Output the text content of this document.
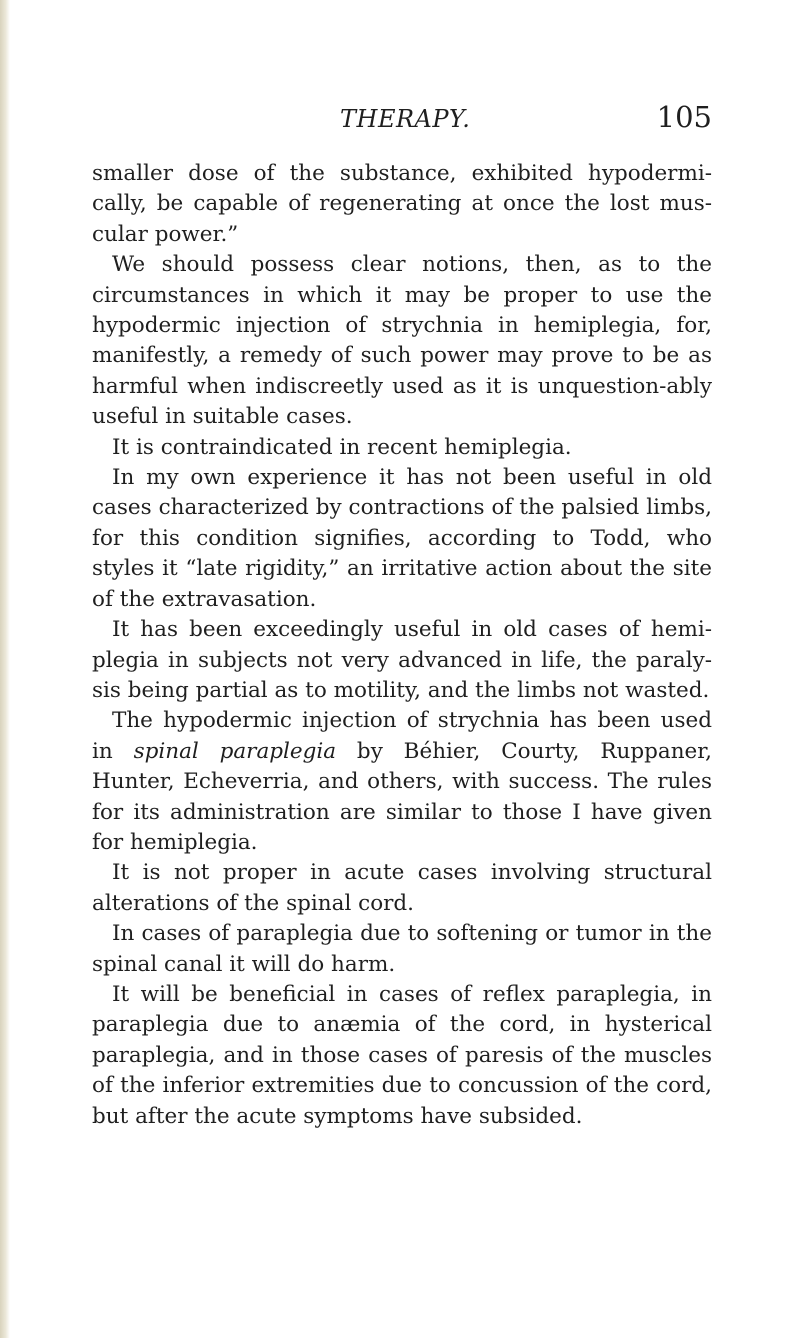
THERAPY.	105

smaller dose of the substance, exhibited hypodermi-cally, be capable of regenerating at once the lost mus-cular power.”

We should possess clear notions, then, as to the circumstances in which it may be proper to use the hypodermic injection of strychnia in hemiplegia, for, manifestly, a remedy of such power may prove to be as harmful when indiscreetly used as it is unquestion-ably useful in suitable cases.

It is contraindicated in recent hemiplegia.

In my own experience it has not been useful in old cases characterized by contractions of the palsied limbs, for this condition signifies, according to Todd, who styles it “late rigidity,” an irritative action about the site of the extravasation.

It has been exceedingly useful in old cases of hemi-plegia in subjects not very advanced in life, the paraly-sis being partial as to motility, and the limbs not wasted.

The hypodermic injection of strychnia has been used in spinal paraplegia by Béhier, Courty, Ruppaner, Hunter, Echeverria, and others, with success. The rules for its administration are similar to those I have given for hemiplegia.

It is not proper in acute cases involving structural alterations of the spinal cord.

In cases of paraplegia due to softening or tumor in the spinal canal it will do harm.

It will be beneficial in cases of reflex paraplegia, in paraplegia due to anæmia of the cord, in hysterical paraplegia, and in those cases of paresis of the muscles of the inferior extremities due to concussion of the cord, but after the acute symptoms have subsided.
